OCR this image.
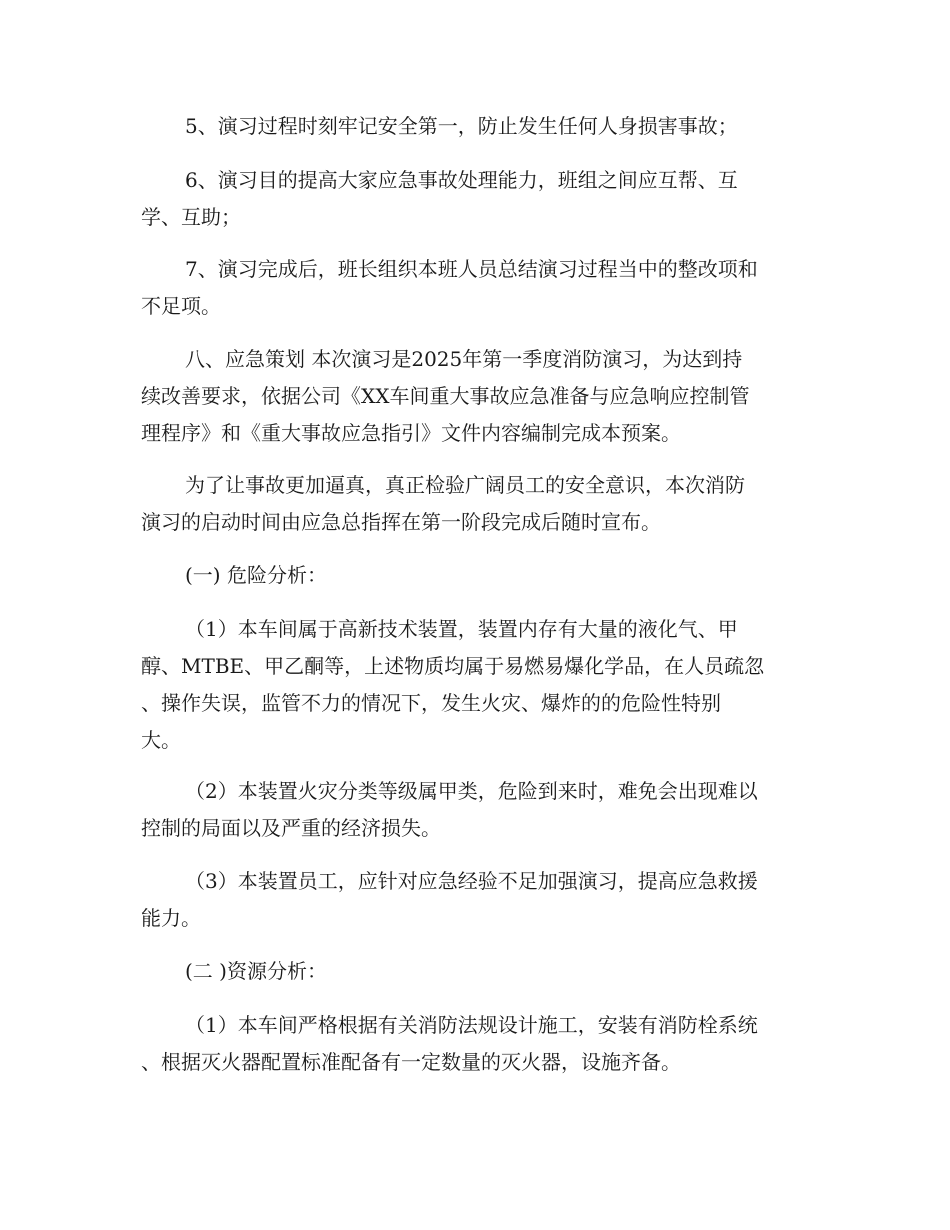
5、演习过程时刻牢记安全第一，防止发生任何人身损害事故；
6、演习目的提高大家应急事故处理能力，班组之间应互帮、互
学、互助；
7、演习完成后，班长组织本班人员总结演习过程当中的整改项和
不足项。
八、应急策划 本次演习是2025年第一季度消防演习，为达到持
续改善要求，依据公司《XX车间重大事故应急准备与应急响应控制管
理程序》和《重大事故应急指引》文件内容编制完成本预案。
为了让事故更加逼真，真正检验广阔员工的安全意识，本次消防
演习的启动时间由应急总指挥在第一阶段完成后随时宣布。
(一) 危险分析：
（1）本车间属于高新技术装置，装置内存有大量的液化气、甲
醇、MTBE、甲乙酮等，上述物质均属于易燃易爆化学品，在人员疏忽
、操作失误，监管不力的情况下，发生火灾、爆炸的的危险性特别
大。
（2）本装置火灾分类等级属甲类，危险到来时，难免会出现难以
控制的局面以及严重的经济损失。
（3）本装置员工，应针对应急经验不足加强演习，提高应急救援
能力。
(二 )资源分析：
（1）本车间严格根据有关消防法规设计施工，安装有消防栓系统
、根据灭火器配置标准配备有一定数量的灭火器，设施齐备。
